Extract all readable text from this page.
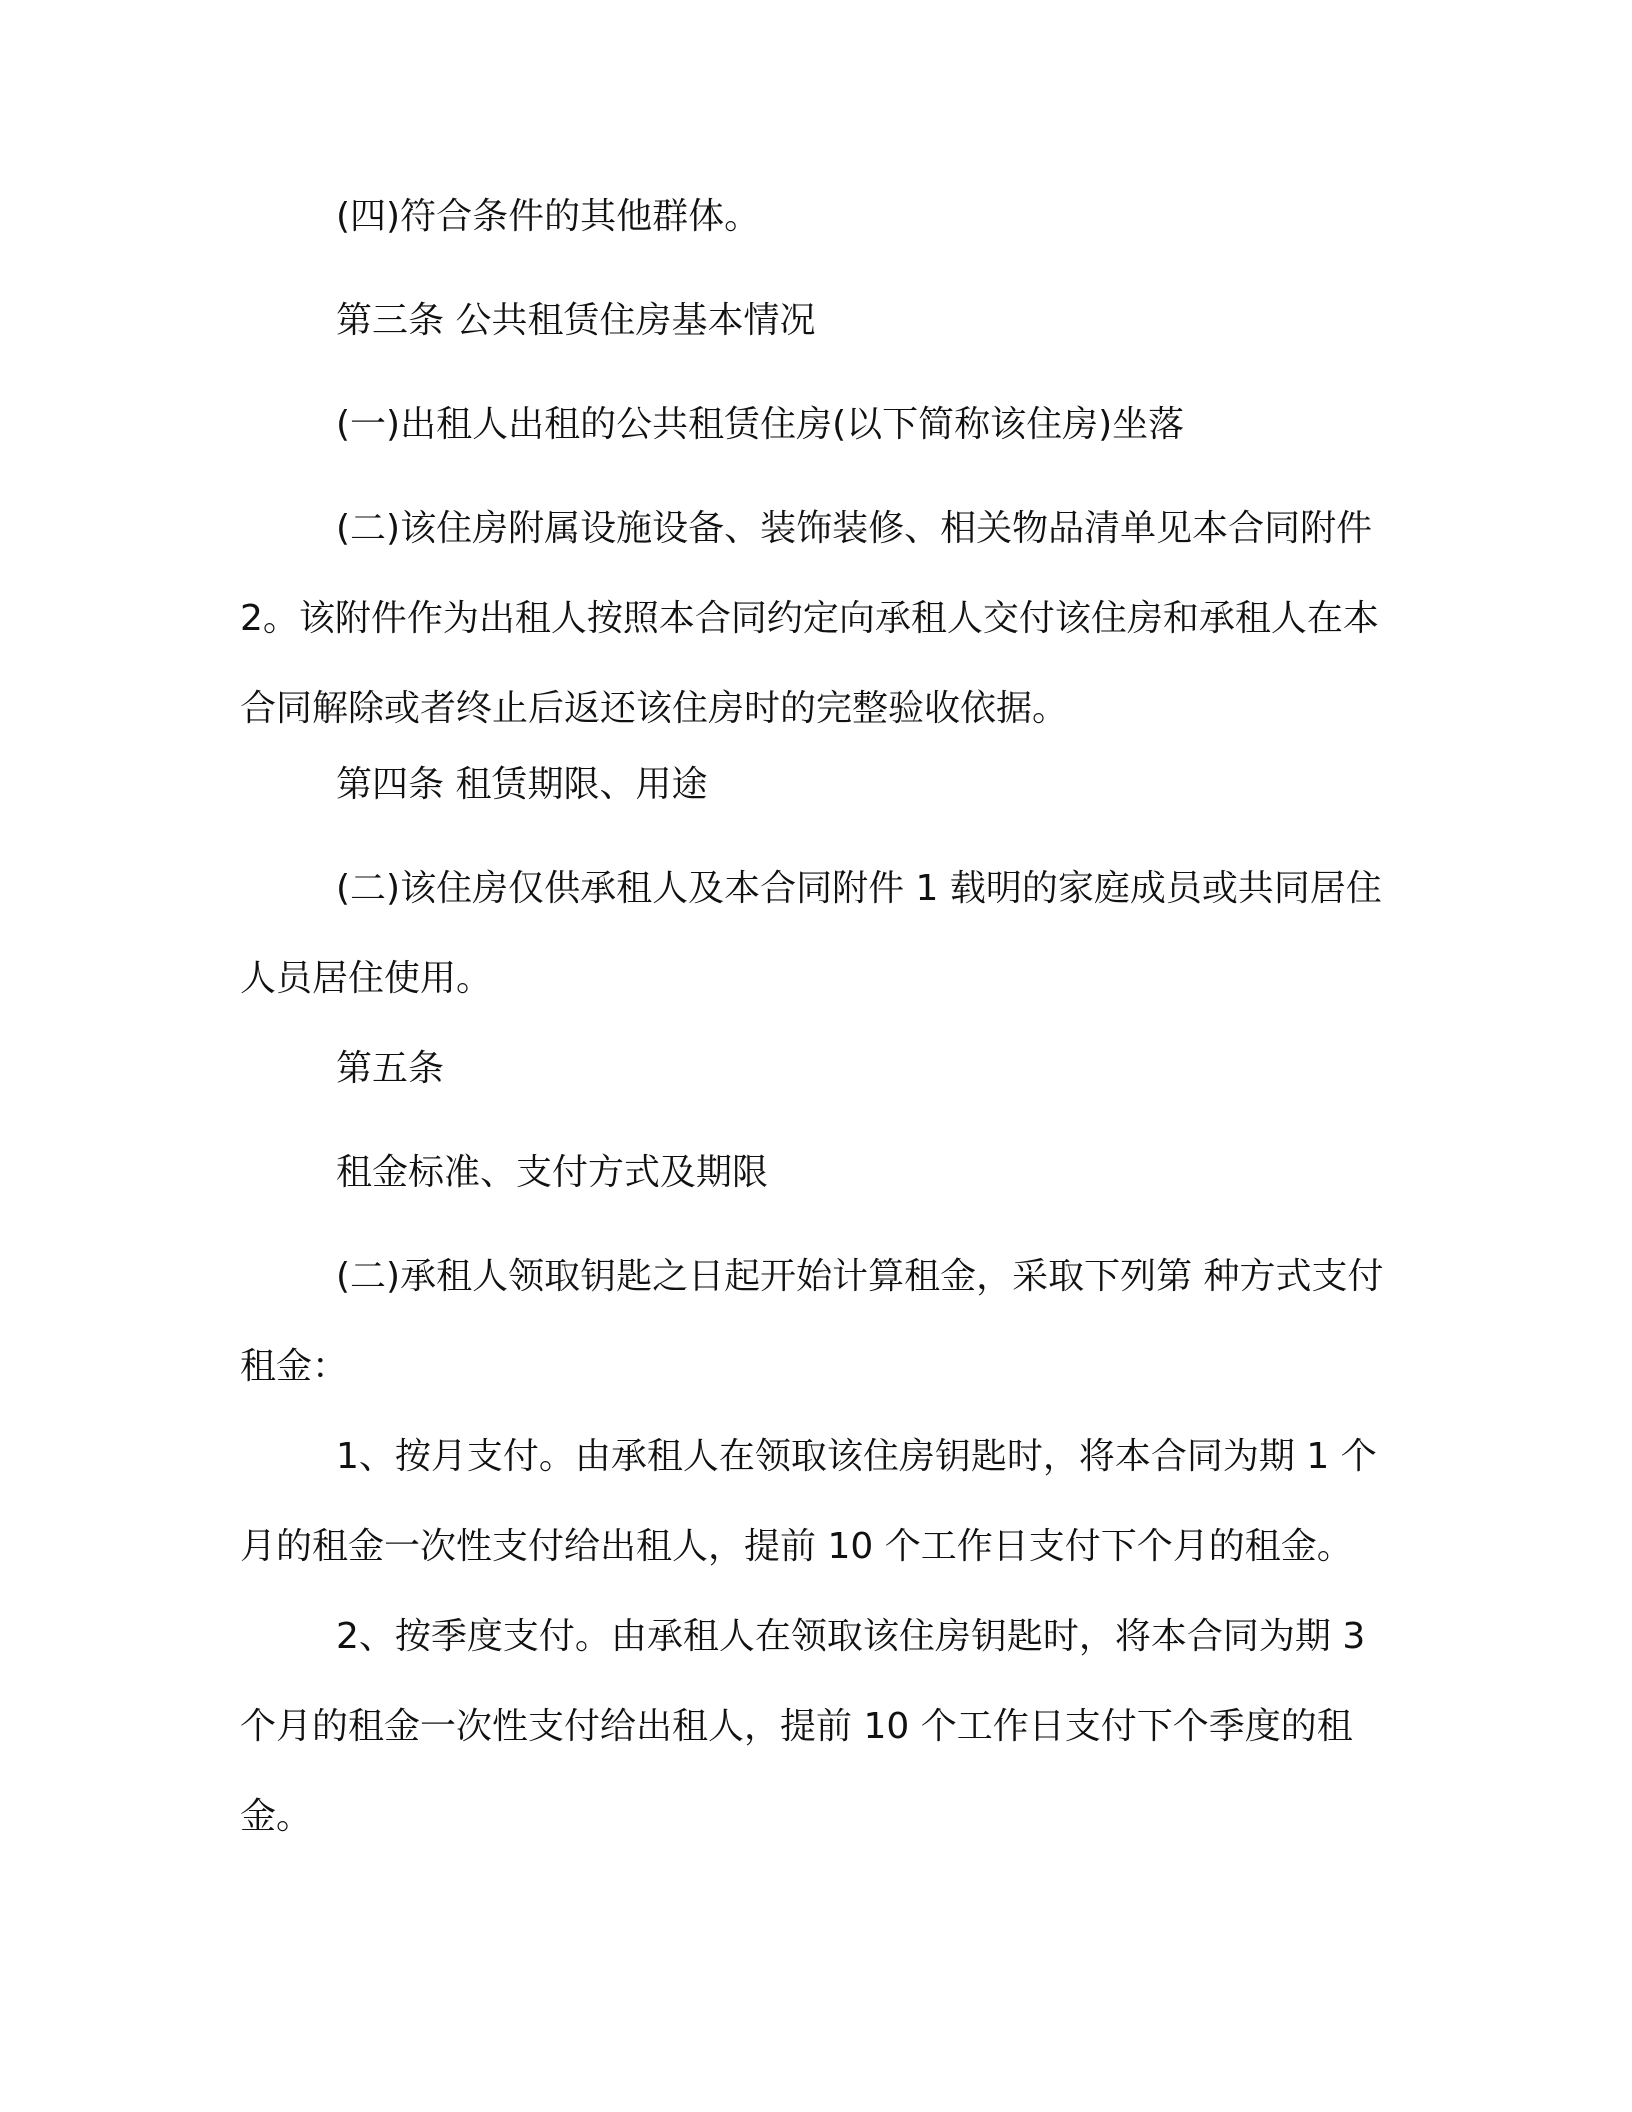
(四)符合条件的其他群体。

第三条 公共租赁住房基本情况

(一)出租人出租的公共租赁住房(以下简称该住房)坐落

(二)该住房附属设施设备、装饰装修、相关物品清单见本合同附件 2。该附件作为出租人按照本合同约定向承租人交付该住房和承租人在本合同解除或者终止后返还该住房时的完整验收依据。

第四条 租赁期限、用途

(二)该住房仅供承租人及本合同附件 1 载明的家庭成员或共同居住人员居住使用。

第五条

租金标准、支付方式及期限

(二)承租人领取钥匙之日起开始计算租金，采取下列第 种方式支付租金：

1、按月支付。由承租人在领取该住房钥匙时，将本合同为期 1 个月的租金一次性支付给出租人，提前 10 个工作日支付下个月的租金。

2、按季度支付。由承租人在领取该住房钥匙时，将本合同为期 3 个月的租金一次性支付给出租人，提前 10 个工作日支付下个季度的租金。
